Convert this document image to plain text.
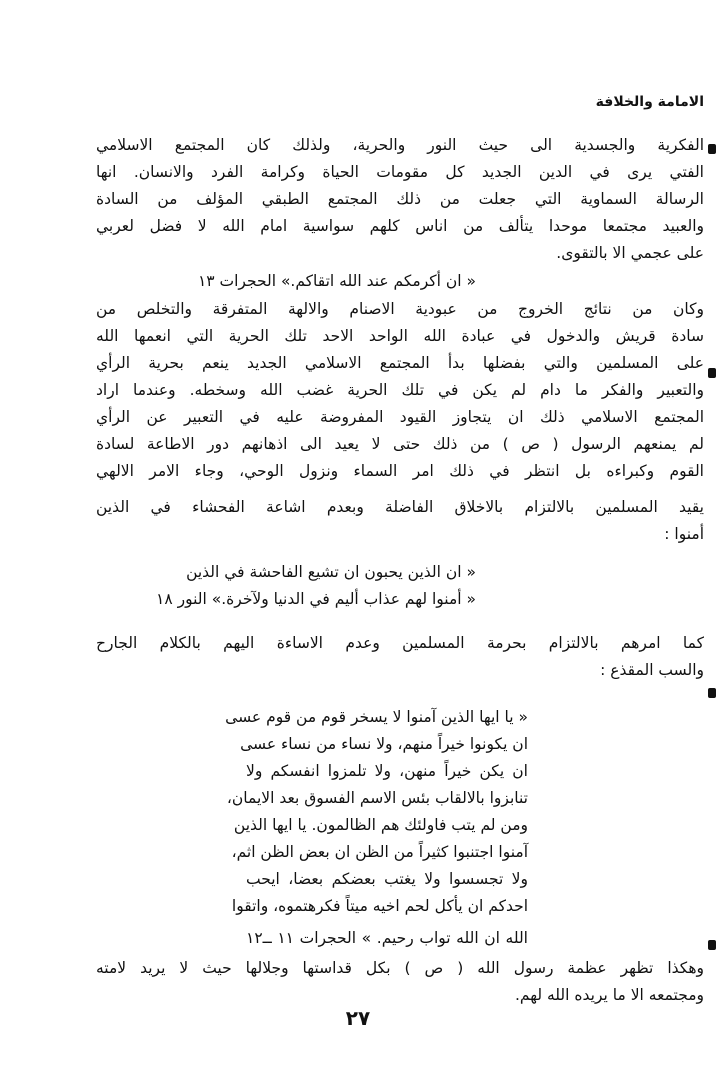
الامامة والخلافة
الفكرية والجسدية الى حيث النور والحرية، ولذلك كان المجتمع الاسلامي
الفتي يرى في الدين الجديد كل مقومات الحياة وكرامة الفرد والانسان. انها
الرسالة السماوية التي جعلت من ذلك المجتمع الطبقي المؤلف من السادة
والعبيد مجتمعا موحدا يتألف من اناس كلهم سواسية امام الله لا فضل لعربي
على عجمي الا بالتقوى.
« ان أكرمكم عند الله اتقاكم.» الحجرات ١٣
وكان من نتائج الخروج من عبودية الاصنام والالهة المتفرقة والتخلص من
سادة قريش والدخول في عبادة الله الواحد الاحد تلك الحرية التي انعمها الله
على المسلمين والتي بفضلها بدأ المجتمع الاسلامي الجديد ينعم بحرية الرأي
والتعبير والفكر ما دام لم يكن في تلك الحرية غضب الله وسخطه. وعندما اراد
المجتمع الاسلامي ذلك ان يتجاوز القيود المفروضة عليه في التعبير عن الرأي
لم يمنعهم الرسول ( ص ) من ذلك حتى لا يعيد الى اذهانهم دور الاطاعة لسادة
القوم وكبراءه بل انتظر في ذلك امر السماء ونزول الوحي، وجاء الامر الالهي
يقيد المسلمين بالالتزام بالاخلاق الفاضلة وبعدم اشاعة الفحشاء في الذين
أمنوا :
« ان الذين يحبون ان تشيع الفاحشة في الذين
« أمنوا لهم عذاب أليم في الدنيا ولآخرة.» النور ١٨
كما امرهم بالالتزام بحرمة المسلمين وعدم الاساءة اليهم بالكلام الجارح
والسب المقذع :
« يا ايها الذين آمنوا لا يسخر قوم من قوم عسى
ان يكونوا خيراً منهم، ولا نساء من نساء عسى
ان يكن خيراً منهن، ولا تلمزوا انفسكم ولا
تنابزوا بالالقاب بئس الاسم الفسوق بعد الايمان،
ومن لم يتب فاولئك هم الظالمون. يا ايها الذين
آمنوا اجتنبوا كثيراً من الظن ان بعض الظن اثم،
ولا تجسسوا ولا يغتب بعضكم بعضا، ايحب
احدكم ان يأكل لحم اخيه ميتاً فكرهتموه، واتقوا
الله ان الله تواب رحيم. » الحجرات ١١ ــ١٢
وهكذا تظهر عظمة رسول الله ( ص ) بكل قداستها وجلالها حيث لا يريد لامته
ومجتمعه الا ما يريده الله لهم.
٢٧
